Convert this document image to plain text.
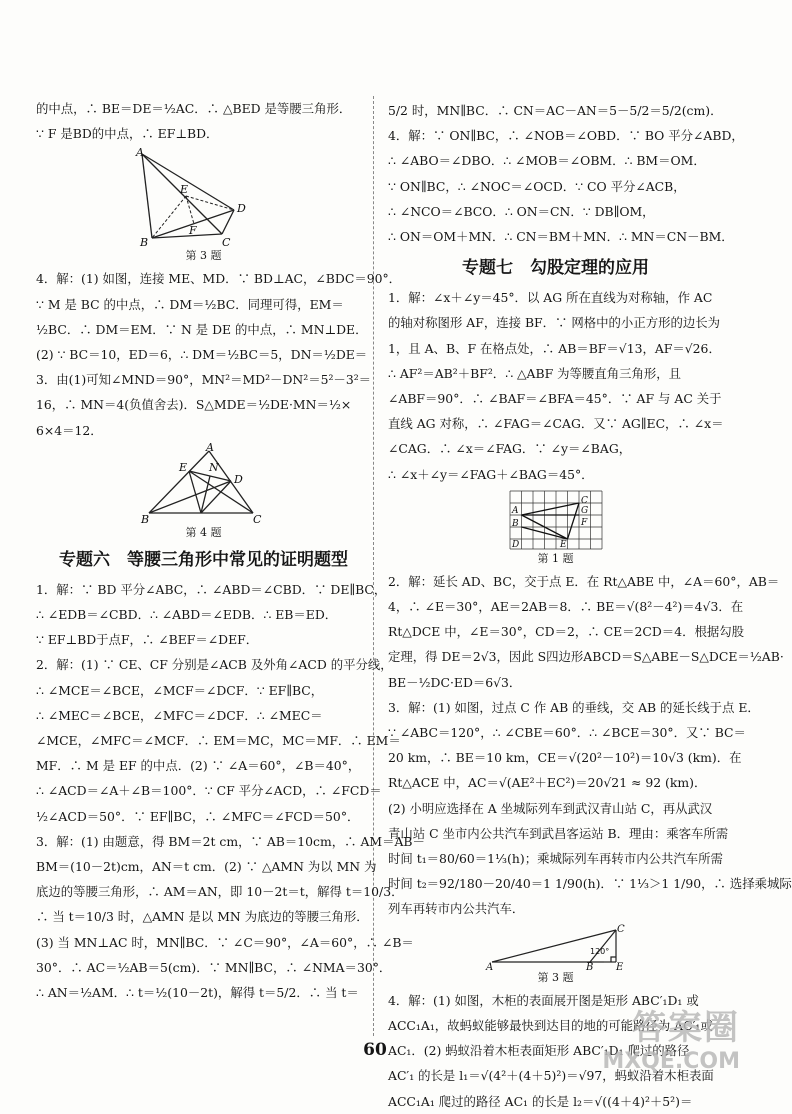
的中点，∴ BE＝DE＝½AC．∴ △BED 是等腰三角形．
∵ F 是BD的中点，∴ EF⊥BD．
A
B	C
D
E
F
第 3 题
4．解：(1) 如图，连接 ME、MD．∵ BD⊥AC，∠BDC＝90°．
∵ M 是 BC 的中点，∴ DM＝½BC．同理可得，EM＝
½BC．∴ DM＝EM．∵ N 是 DE 的中点，∴ MN⊥DE．
(2) ∵ BC＝10，ED＝6，∴ DM＝½BC＝5，DN＝½DE＝
3．由(1)可知∠MND＝90°，MN²＝MD²－DN²＝5²－3²＝
16，∴ MN＝4(负值舍去)．S△MDE＝½DE·MN＝½×
6×4＝12．
A
B	C
D
E N
第 4 题
专题六　等腰三角形中常见的证明题型
1．解：∵ BD 平分∠ABC，∴ ∠ABD＝∠CBD．∵ DE∥BC，
∴ ∠EDB＝∠CBD．∴ ∠ABD＝∠EDB．∴ EB＝ED．
∵ EF⊥BD于点F，∴ ∠BEF＝∠DEF．
2．解：(1) ∵ CE、CF 分别是∠ACB 及外角∠ACD 的平分线，
∴ ∠MCE＝∠BCE，∠MCF＝∠DCF．∵ EF∥BC，
∴ ∠MEC＝∠BCE，∠MFC＝∠DCF．∴ ∠MEC＝
∠MCE，∠MFC＝∠MCF．∴ EM＝MC，MC＝MF．∴ EM＝
MF．∴ M 是 EF 的中点．(2) ∵ ∠A＝60°，∠B＝40°，
∴ ∠ACD＝∠A＋∠B＝100°．∵ CF 平分∠ACD，∴ ∠FCD＝
½∠ACD＝50°．∵ EF∥BC，∴ ∠MFC＝∠FCD＝50°．
3．解：(1) 由题意，得 BM＝2t cm，∵ AB＝10cm，∴ AM＝AB－
BM＝(10－2t)cm，AN＝t cm．(2) ∵ △AMN 为以 MN 为
底边的等腰三角形，∴ AM＝AN，即 10－2t＝t，解得 t＝10/3．
∴ 当 t＝10/3 时，△AMN 是以 MN 为底边的等腰三角形．
(3) 当 MN⊥AC 时，MN∥BC．∵ ∠C＝90°，∠A＝60°，∴ ∠B＝
30°．∴ AC＝½AB＝5(cm)．∵ MN∥BC，∴ ∠NMA＝30°．
∴ AN＝½AM．∴ t＝½(10－2t)，解得 t＝5/2．∴ 当 t＝
5/2 时，MN∥BC．∴ CN＝AC－AN＝5－5/2＝5/2(cm)．
4．解：∵ ON∥BC，∴ ∠NOB＝∠OBD．∵ BO 平分∠ABD，
∴ ∠ABO＝∠DBO．∴ ∠MOB＝∠OBM．∴ BM＝OM．
∵ ON∥BC，∴ ∠NOC＝∠OCD．∵ CO 平分∠ACB，
∴ ∠NCO＝∠BCO．∴ ON＝CN．∵ DB∥OM，
∴ ON＝OM＋MN．∴ CN＝BM＋MN．∴ MN＝CN－BM．
专题七　勾股定理的应用
1．解：∠x＋∠y＝45°．以 AG 所在直线为对称轴，作 AC
的轴对称图形 AF，连接 BF．∵ 网格中的小正方形的边长为
1，且 A、B、F 在格点处，∴ AB＝BF＝√13，AF＝√26．
∴ AF²＝AB²＋BF²．∴ △ABF 为等腰直角三角形，且
∠ABF＝90°．∴ ∠BAF＝∠BFA＝45°．∵ AF 与 AC 关于
直线 AG 对称，∴ ∠FAG＝∠CAG．又∵ AG∥EC，∴ ∠x＝
∠CAG．∴ ∠x＝∠FAG．∵ ∠y＝∠BAG，
∴ ∠x＋∠y＝∠FAG＋∠BAG＝45°．
A
B
C
D	E
F
G
第 1 题
2．解：延长 AD、BC，交于点 E．在 Rt△ABE 中，∠A＝60°，AB＝
4，∴ ∠E＝30°，AE＝2AB＝8．∴ BE＝√(8²－4²)＝4√3．在
Rt△DCE 中，∠E＝30°，CD＝2，∴ CE＝2CD＝4．根据勾股
定理，得 DE＝2√3，因此 S四边形ABCD＝S△ABE－S△DCE＝½AB·
BE－½DC·ED＝6√3．
3．解：(1) 如图，过点 C 作 AB 的垂线，交 AB 的延长线于点 E．
∵ ∠ABC＝120°，∴ ∠CBE＝60°．∴ ∠BCE＝30°．又∵ BC＝
20 km，∴ BE＝10 km，CE＝√(20²－10²)＝10√3 (km)．在
Rt△ACE 中，AC＝√(AE²＋EC²)＝20√21 ≈ 92 (km)．
(2) 小明应选择在 A 坐城际列车到武汉青山站 C，再从武汉
青山站 C 坐市内公共汽车到武昌客运站 B．理由：乘客车所需
时间 t₁＝80/60＝1⅓(h)；乘城际列车再转市内公共汽车所需
时间 t₂＝92/180－20/40＝1 1/90(h)．∵ 1⅓＞1 1/90，∴ 选择乘城际
列车再转市内公共汽车．
A	B
C
E
120°
第 3 题
4．解：(1) 如图，木柜的表面展开图是矩形 ABC′₁D₁ 或
ACC₁A₁，故蚂蚁能够最快到达目的地的可能路径为 AC′₁或
AC₁．(2) 蚂蚁沿着木柜表面矩形 ABC′₁D₁ 爬过的路径
AC′₁ 的长是 l₁＝√(4²＋(4＋5)²)＝√97，蚂蚁沿着木柜表面
ACC₁A₁ 爬过的路径 AC₁ 的长是 l₂＝√((4＋4)²＋5²)＝
60
答案圈
MXQE.COM
